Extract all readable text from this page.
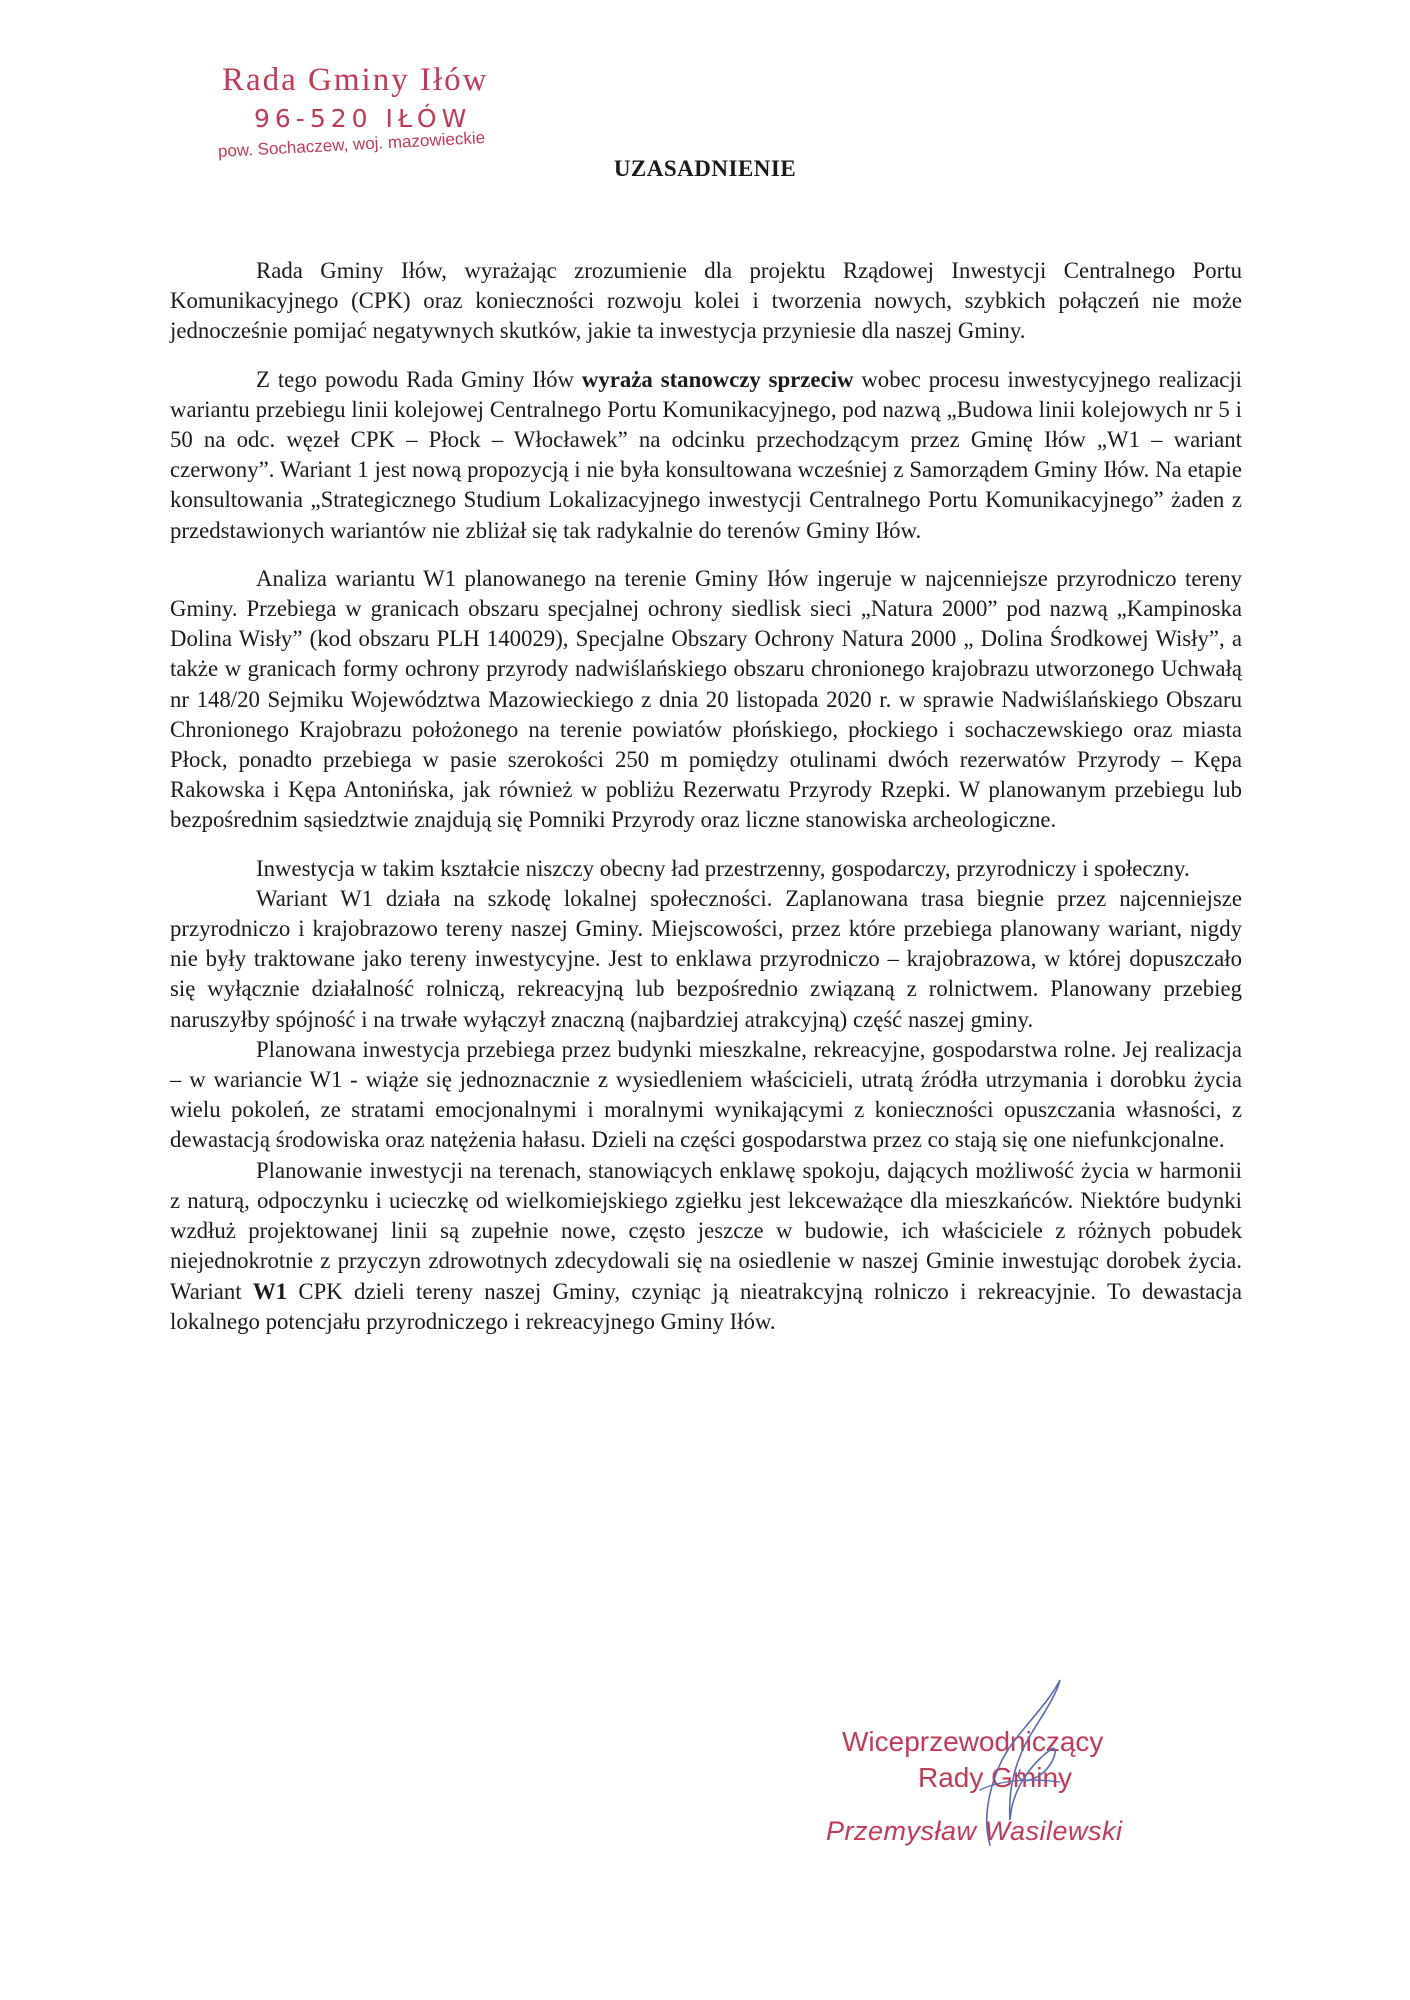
Rada Gminy Iłów
96-520 IŁÓW
pow. Sochaczew, woj. mazowieckie
UZASADNIENIE

Rada Gminy Iłów, wyrażając zrozumienie dla projektu Rządowej Inwestycji Centralnego Portu Komunikacyjnego (CPK) oraz konieczności rozwoju kolei i tworzenia nowych, szybkich połączeń nie może jednocześnie pomijać negatywnych skutków, jakie ta inwestycja przyniesie dla naszej Gminy.

Z tego powodu Rada Gminy Iłów wyraża stanowczy sprzeciw wobec procesu inwestycyjnego realizacji wariantu przebiegu linii kolejowej Centralnego Portu Komunikacyjnego, pod nazwą „Budowa linii kolejowych nr 5 i 50 na odc. węzeł CPK – Płock – Włocławek” na odcinku przechodzącym przez Gminę Iłów „W1 – wariant czerwony”. Wariant 1 jest nową propozycją i nie była konsultowana wcześniej z Samorządem Gminy Iłów. Na etapie konsultowania „Strategicznego Studium Lokalizacyjnego inwestycji Centralnego Portu Komunikacyjnego” żaden z przedstawionych wariantów nie zbliżał się tak radykalnie do terenów Gminy Iłów.

Analiza wariantu W1 planowanego na terenie Gminy Iłów ingeruje w najcenniejsze przyrodniczo tereny Gminy. Przebiega w granicach obszaru specjalnej ochrony siedlisk sieci „Natura 2000” pod nazwą „Kampinoska Dolina Wisły” (kod obszaru PLH 140029), Specjalne Obszary Ochrony Natura 2000 „ Dolina Środkowej Wisły”, a także w granicach formy ochrony przyrody nadwiślańskiego obszaru chronionego krajobrazu utworzonego Uchwałą nr 148/20 Sejmiku Województwa Mazowieckiego z dnia 20 listopada 2020 r. w sprawie Nadwiślańskiego Obszaru Chronionego Krajobrazu położonego na terenie powiatów płońskiego, płockiego i sochaczewskiego oraz miasta Płock, ponadto przebiega w pasie szerokości 250 m pomiędzy otulinami dwóch rezerwatów Przyrody – Kępa Rakowska i Kępa Antonińska, jak również w pobliżu Rezerwatu Przyrody Rzepki. W planowanym przebiegu lub bezpośrednim sąsiedztwie znajdują się Pomniki Przyrody oraz liczne stanowiska archeologiczne.

Inwestycja w takim kształcie niszczy obecny ład przestrzenny, gospodarczy, przyrodniczy i społeczny.

Wariant W1 działa na szkodę lokalnej społeczności. Zaplanowana trasa biegnie przez najcenniejsze przyrodniczo i krajobrazowo tereny naszej Gminy. Miejscowości, przez które przebiega planowany wariant, nigdy nie były traktowane jako tereny inwestycyjne. Jest to enklawa przyrodniczo – krajobrazowa, w której dopuszczało się wyłącznie działalność rolniczą, rekreacyjną lub bezpośrednio związaną z rolnictwem. Planowany przebieg naruszyłby spójność i na trwałe wyłączył znaczną (najbardziej atrakcyjną) część naszej gminy.

Planowana inwestycja przebiega przez budynki mieszkalne, rekreacyjne, gospodarstwa rolne. Jej realizacja – w wariancie W1 - wiąże się jednoznacznie z wysiedleniem właścicieli, utratą źródła utrzymania i dorobku życia wielu pokoleń, ze stratami emocjonalnymi i moralnymi wynikającymi z konieczności opuszczania własności, z dewastacją środowiska oraz natężenia hałasu. Dzieli na części gospodarstwa przez co stają się one niefunkcjonalne.

Planowanie inwestycji na terenach, stanowiących enklawę spokoju, dających możliwość życia w harmonii z naturą, odpoczynku i ucieczkę od wielkomiejskiego zgiełku jest lekceważące dla mieszkańców. Niektóre budynki wzdłuż projektowanej linii są zupełnie nowe, często jeszcze w budowie, ich właściciele z różnych pobudek niejednokrotnie z przyczyn zdrowotnych zdecydowali się na osiedlenie w naszej Gminie inwestując dorobek życia. Wariant W1 CPK dzieli tereny naszej Gminy, czyniąc ją nieatrakcyjną rolniczo i rekreacyjnie. To dewastacja lokalnego potencjału przyrodniczego i rekreacyjnego Gminy Iłów.

Wiceprzewodniczący
Rady Gminy
Przemysław Wasilewski
